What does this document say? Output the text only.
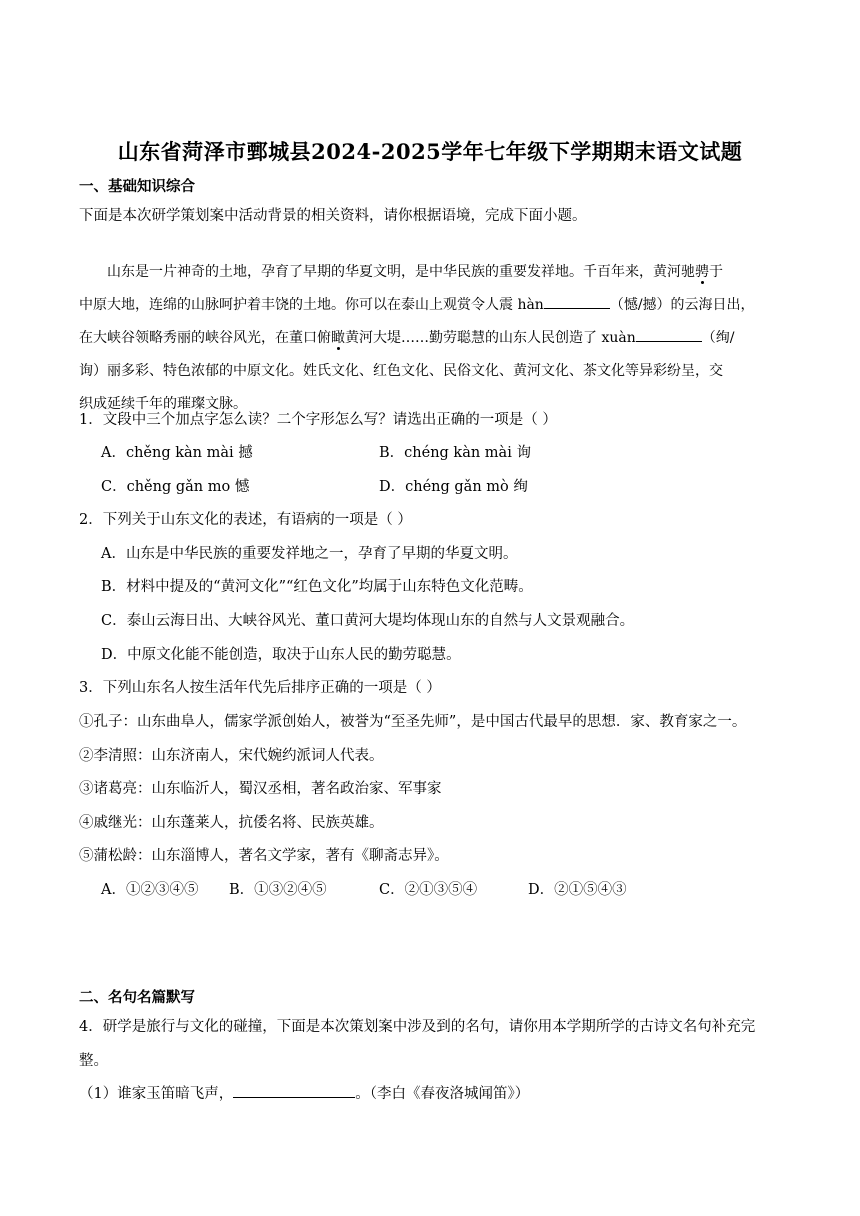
山东省菏泽市鄄城县2024-2025学年七年级下学期期末语文试题
一、基础知识综合
下面是本次研学策划案中活动背景的相关资料，请你根据语境，完成下面小题。

山东是一片神奇的土地，孕育了早期的华夏文明，是中华民族的重要发祥地。千百年来，黄河驰骋于

中原大地，连绵的山脉呵护着丰饶的土地。你可以在泰山上观赏令人震 hàn	（憾/撼）的云海日出，

在大峡谷领略秀丽的峡谷风光，在董口俯瞰黄河大堤……勤劳聪慧的山东人民创造了 xuàn	（绚/

询）丽多彩、特色浓郁的中原文化。姓氏文化、红色文化、民俗文化、黄河文化、茶文化等异彩纷呈，交

织成延续千年的璀璨文脉。

1．文段中三个加点字怎么读？二个字形怎么写？请选出正确的一项是（ ）
A．chěng kàn mài 撼	B．chéng kàn mài 询
C．chěng gǎn mo 憾	D．chéng gǎn mò 绚
2．下列关于山东文化的表述，有语病的一项是（ ）
A．山东是中华民族的重要发祥地之一，孕育了早期的华夏文明。
B．材料中提及的“黄河文化”“红色文化”均属于山东特色文化范畴。
C．泰山云海日出、大峡谷风光、董口黄河大堤均体现山东的自然与人文景观融合。
D．中原文化能不能创造，取决于山东人民的勤劳聪慧。
3．下列山东名人按生活年代先后排序正确的一项是（ ）
①孔子：山东曲阜人，儒家学派创始人，被誉为“至圣先师”，是中国古代最早的思想．家、教育家之一。
②李清照：山东济南人，宋代婉约派词人代表。
③诸葛亮：山东临沂人，蜀汉丞相，著名政治家、军事家
④戚继光：山东蓬莱人，抗倭名将、民族英雄。
⑤蒲松龄：山东淄博人，著名文学家，著有《聊斋志异》。
A．①②③④⑤ B．①③②④⑤	C．②①③⑤④	D．②①⑤④③
二、名句名篇默写
4．研学是旅行与文化的碰撞，下面是本次策划案中涉及到的名句，请你用本学期所学的古诗文名句补充完
整。
（1）谁家玉笛暗飞声，	。（李白《春夜洛城闻笛》）
